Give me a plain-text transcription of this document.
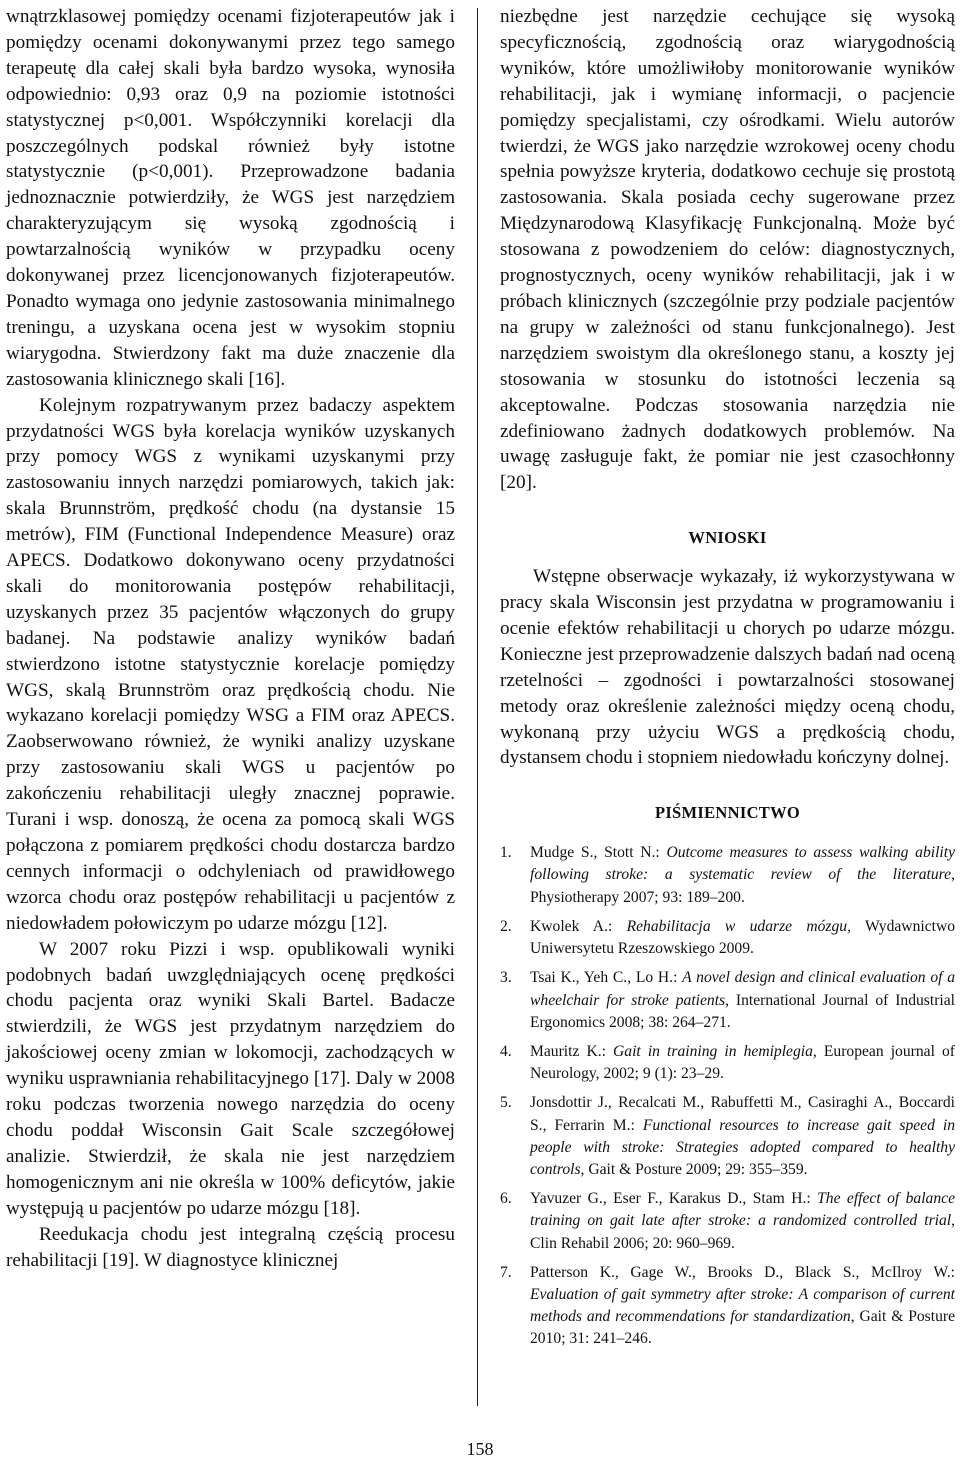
wnątrzklasowej pomiędzy ocenami fizjoterapeutów jak i pomiędzy ocenami dokonywanymi przez tego samego terapeutę dla całej skali była bardzo wysoka, wynosiła odpowiednio: 0,93 oraz 0,9 na poziomie istotności statystycznej p<0,001. Współczynniki korelacji dla poszczególnych podskal również były istotne statystycznie (p<0,001). Przeprowadzone badania jednoznacznie potwierdziły, że WGS jest narzędziem charakteryzującym się wysoką zgodnością i powtarzalnością wyników w przypadku oceny dokonywanej przez licencjonowanych fizjoterapeutów. Ponadto wymaga ono jedynie zastosowania minimalnego treningu, a uzyskana ocena jest w wysokim stopniu wiarygodna. Stwierdzony fakt ma duże znaczenie dla zastosowania klinicznego skali [16].

Kolejnym rozpatrywanym przez badaczy aspektem przydatności WGS była korelacja wyników uzyskanych przy pomocy WGS z wynikami uzyskanymi przy zastosowaniu innych narzędzi pomiarowych, takich jak: skala Brunnström, prędkość chodu (na dystansie 15 metrów), FIM (Functional Independence Measure) oraz APECS. Dodatkowo dokonywano oceny przydatności skali do monitorowania postępów rehabilitacji, uzyskanych przez 35 pacjentów włączonych do grupy badanej. Na podstawie analizy wyników badań stwierdzono istotne statystycznie korelacje pomiędzy WGS, skalą Brunnström oraz prędkością chodu. Nie wykazano korelacji pomiędzy WSG a FIM oraz APECS. Zaobserwowano również, że wyniki analizy uzyskane przy zastosowaniu skali WGS u pacjentów po zakończeniu rehabilitacji uległy znacznej poprawie. Turani i wsp. donoszą, że ocena za pomocą skali WGS połączona z pomiarem prędkości chodu dostarcza bardzo cennych informacji o odchyleniach od prawidłowego wzorca chodu oraz postępów rehabilitacji u pacjentów z niedowładem połowiczym po udarze mózgu [12].

W 2007 roku Pizzi i wsp. opublikowali wyniki podobnych badań uwzględniających ocenę prędkości chodu pacjenta oraz wyniki Skali Bartel. Badacze stwierdzili, że WGS jest przydatnym narzędziem do jakościowej oceny zmian w lokomocji, zachodzących w wyniku usprawniania rehabilitacyjnego [17]. Daly w 2008 roku podczas tworzenia nowego narzędzia do oceny chodu poddał Wisconsin Gait Scale szczegółowej analizie. Stwierdził, że skala nie jest narzędziem homogenicznym ani nie określa w 100% deficytów, jakie występują u pacjentów po udarze mózgu [18].

Reedukacja chodu jest integralną częścią procesu rehabilitacji [19]. W diagnostyce klinicznej

niezbędne jest narzędzie cechujące się wysoką specyficznością, zgodnością oraz wiarygodnością wyników, które umożliwiłoby monitorowanie wyników rehabilitacji, jak i wymianę informacji, o pacjencie pomiędzy specjalistami, czy ośrodkami. Wielu autorów twierdzi, że WGS jako narzędzie wzrokowej oceny chodu spełnia powyższe kryteria, dodatkowo cechuje się prostotą zastosowania. Skala posiada cechy sugerowane przez Międzynarodową Klasyfikację Funkcjonalną. Może być stosowana z powodzeniem do celów: diagnostycznych, prognostycznych, oceny wyników rehabilitacji, jak i w próbach klinicznych (szczególnie przy podziale pacjentów na grupy w zależności od stanu funkcjonalnego). Jest narzędziem swoistym dla określonego stanu, a koszty jej stosowania w stosunku do istotności leczenia są akceptowalne. Podczas stosowania narzędzia nie zdefiniowano żadnych dodatkowych problemów. Na uwagę zasługuje fakt, że pomiar nie jest czasochłonny [20].

WNIOSKI

Wstępne obserwacje wykazały, iż wykorzystywana w pracy skala Wisconsin jest przydatna w programowaniu i ocenie efektów rehabilitacji u chorych po udarze mózgu. Konieczne jest przeprowadzenie dalszych badań nad oceną rzetelności – zgodności i powtarzalności stosowanej metody oraz określenie zależności między oceną chodu, wykonaną przy użyciu WGS a prędkością chodu, dystansem chodu i stopniem niedowładu kończyny dolnej.

PIŚMIENNICTWO
1. Mudge S., Stott N.: Outcome measures to assess walking ability following stroke: a systematic review of the literature, Physiotherapy 2007; 93: 189–200.
2. Kwolek A.: Rehabilitacja w udarze mózgu, Wydawnictwo Uniwersytetu Rzeszowskiego 2009.
3. Tsai K., Yeh C., Lo H.: A novel design and clinical evaluation of a wheelchair for stroke patients, International Journal of Industrial Ergonomics 2008; 38: 264–271.
4. Mauritz K.: Gait in training in hemiplegia, European journal of Neurology, 2002; 9 (1): 23–29.
5. Jonsdottir J., Recalcati M., Rabuffetti M., Casiraghi A., Boccardi S., Ferrarin M.: Functional resources to increase gait speed in people with stroke: Strategies adopted compared to healthy controls, Gait & Posture 2009; 29: 355–359.
6. Yavuzer G., Eser F., Karakus D., Stam H.: The effect of balance training on gait late after stroke: a randomized controlled trial, Clin Rehabil 2006; 20: 960–969.
7. Patterson K., Gage W., Brooks D., Black S., McIlroy W.: Evaluation of gait symmetry after stroke: A comparison of current methods and recommendations for standardization, Gait & Posture 2010; 31: 241–246.
158
